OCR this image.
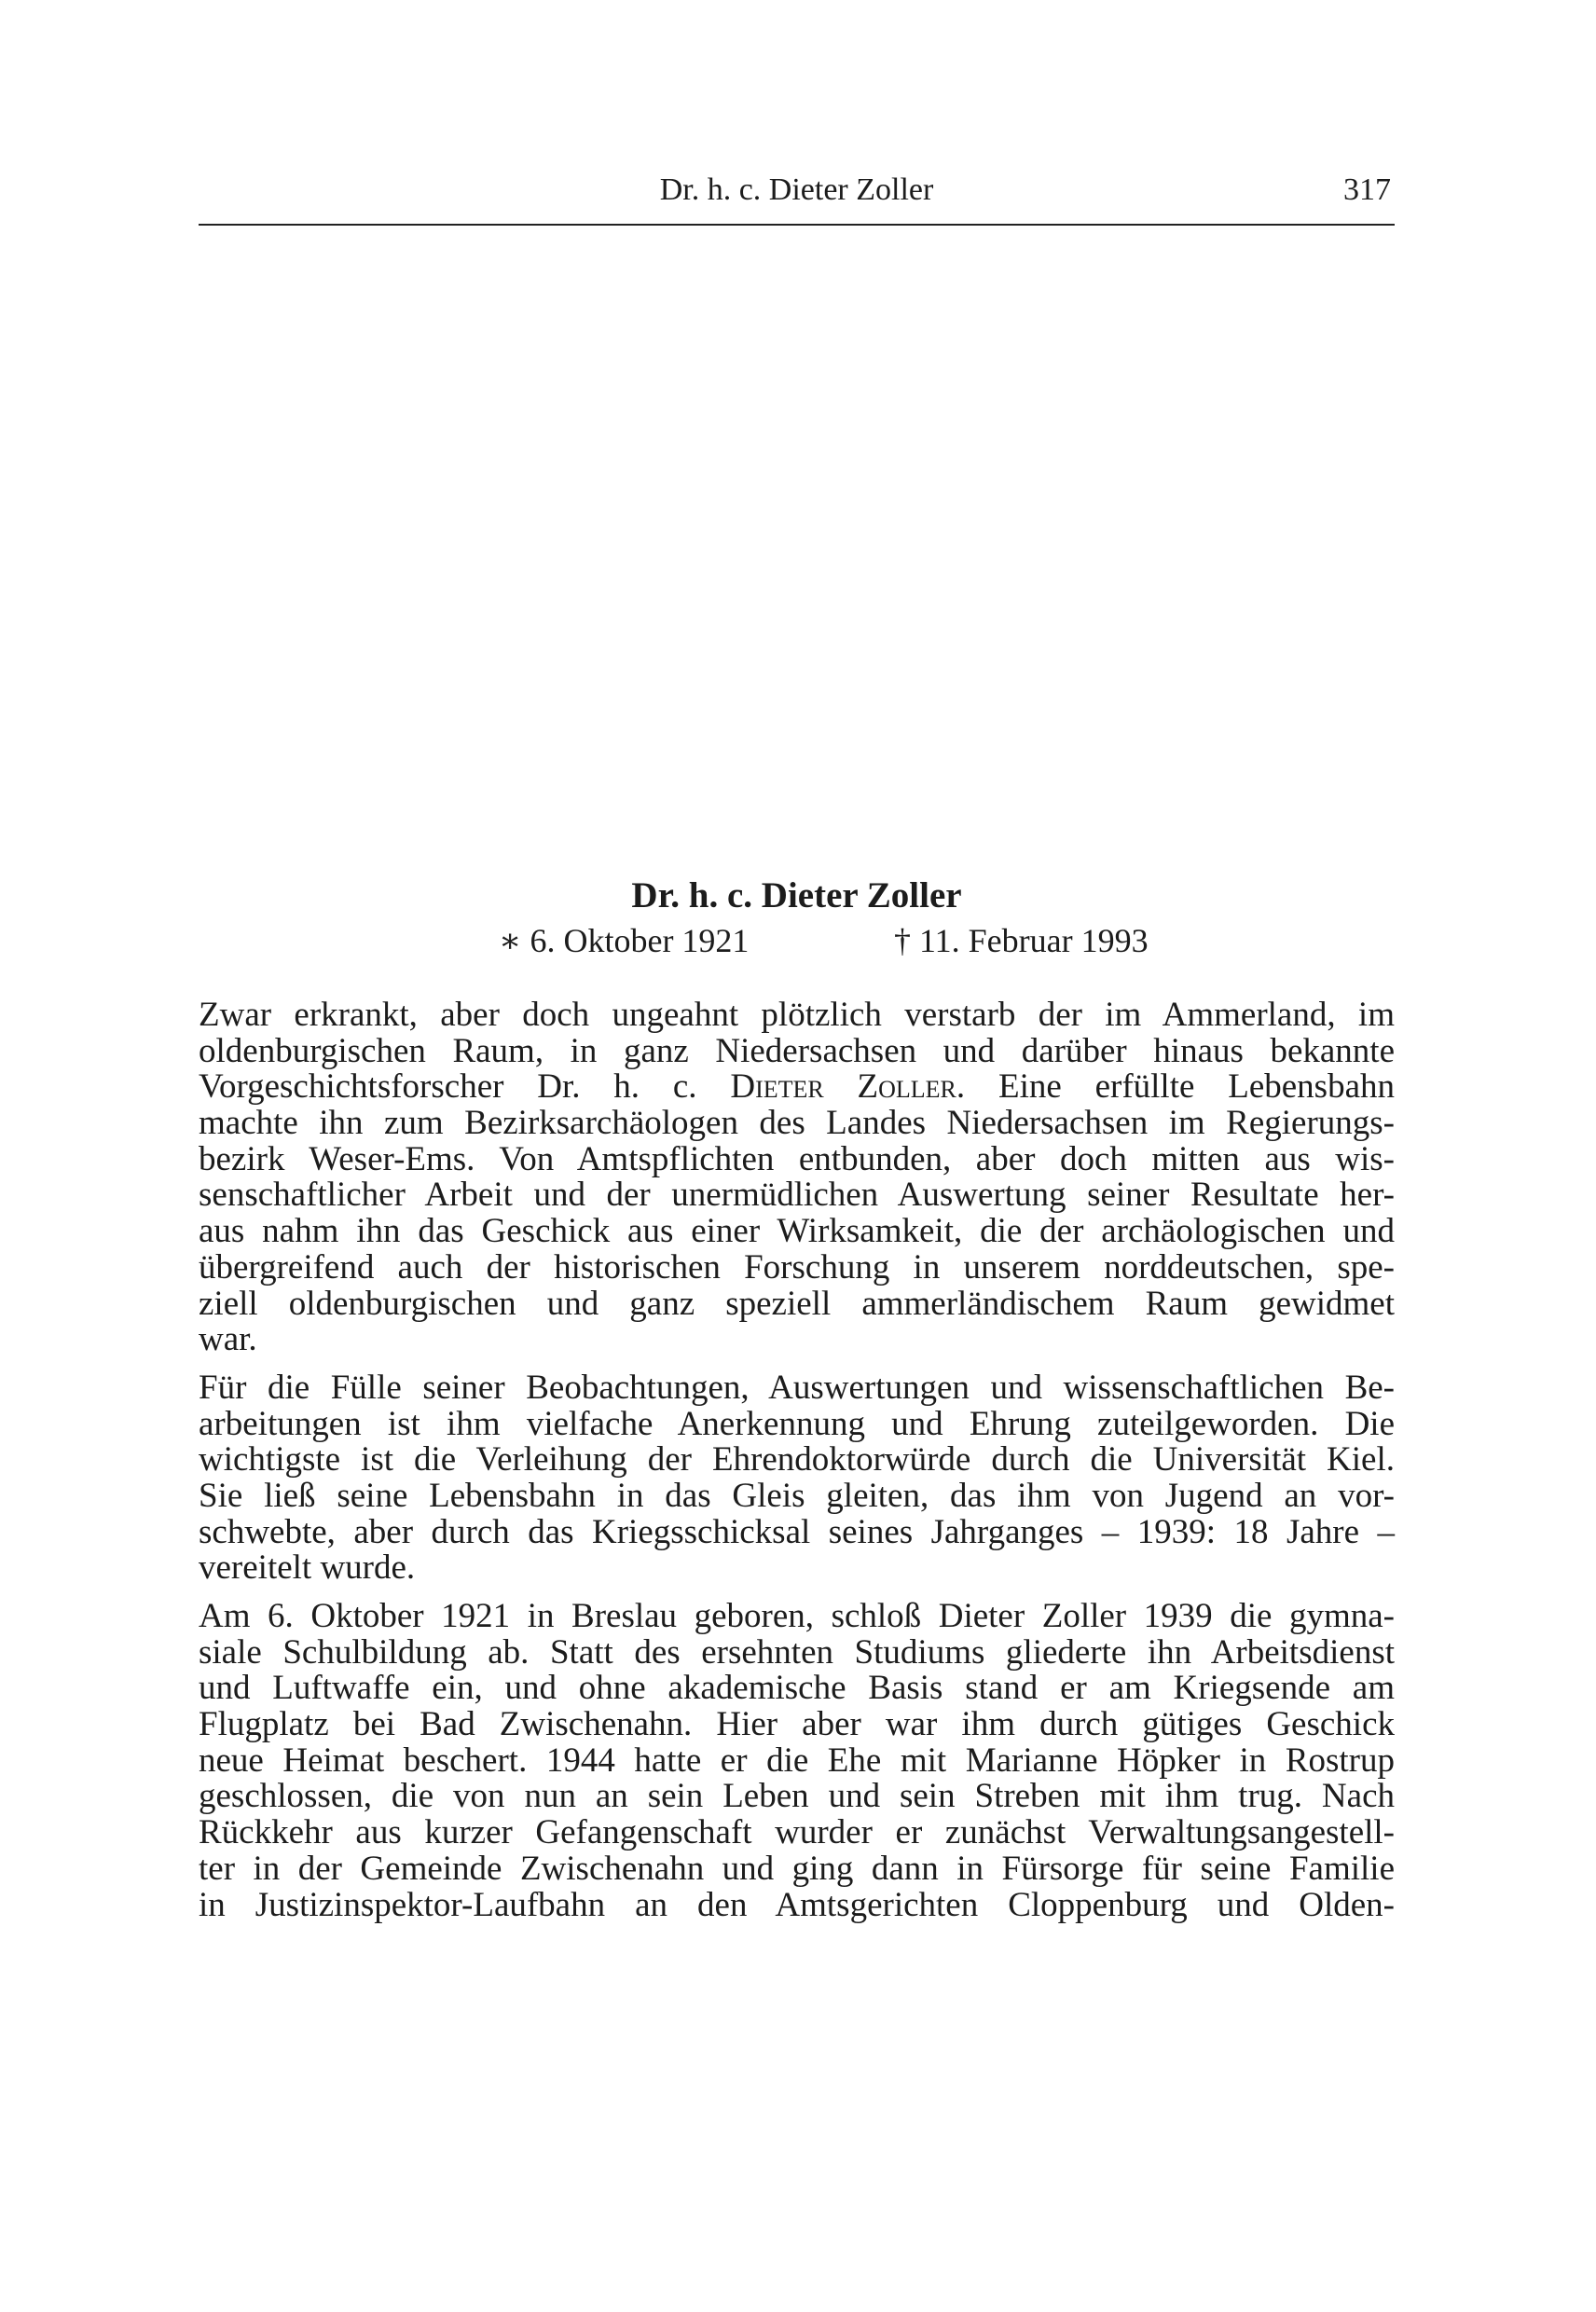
Dr. h. c. Dieter Zoller	317
Dr. h. c. Dieter Zoller
∗ 6. Oktober 1921	† 11. Februar 1993

Zwar erkrankt, aber doch ungeahnt plötzlich verstarb der im Ammerland, im
oldenburgischen Raum, in ganz Niedersachsen und darüber hinaus bekannte
Vorgeschichtsforscher Dr. h. c. Dieter Zoller. Eine erfüllte Lebensbahn
machte ihn zum Bezirksarchäologen des Landes Niedersachsen im Regierungs-
bezirk Weser-Ems. Von Amtspflichten entbunden, aber doch mitten aus wis-
senschaftlicher Arbeit und der unermüdlichen Auswertung seiner Resultate her-
aus nahm ihn das Geschick aus einer Wirksamkeit, die der archäologischen und
übergreifend auch der historischen Forschung in unserem norddeutschen, spe-
ziell oldenburgischen und ganz speziell ammerländischem Raum gewidmet
war.

Für die Fülle seiner Beobachtungen, Auswertungen und wissenschaftlichen Be-
arbeitungen ist ihm vielfache Anerkennung und Ehrung zuteilgeworden. Die
wichtigste ist die Verleihung der Ehrendoktorwürde durch die Universität Kiel.
Sie ließ seine Lebensbahn in das Gleis gleiten, das ihm von Jugend an vor-
schwebte, aber durch das Kriegsschicksal seines Jahrganges – 1939: 18 Jahre –
vereitelt wurde.

Am 6. Oktober 1921 in Breslau geboren, schloß Dieter Zoller 1939 die gymna-
siale Schulbildung ab. Statt des ersehnten Studiums gliederte ihn Arbeitsdienst
und Luftwaffe ein, und ohne akademische Basis stand er am Kriegsende am
Flugplatz bei Bad Zwischenahn. Hier aber war ihm durch gütiges Geschick
neue Heimat beschert. 1944 hatte er die Ehe mit Marianne Höpker in Rostrup
geschlossen, die von nun an sein Leben und sein Streben mit ihm trug. Nach
Rückkehr aus kurzer Gefangenschaft wurder er zunächst Verwaltungsangestell-
ter in der Gemeinde Zwischenahn und ging dann in Fürsorge für seine Familie
in Justizinspektor-Laufbahn an den Amtsgerichten Cloppenburg und Olden-
